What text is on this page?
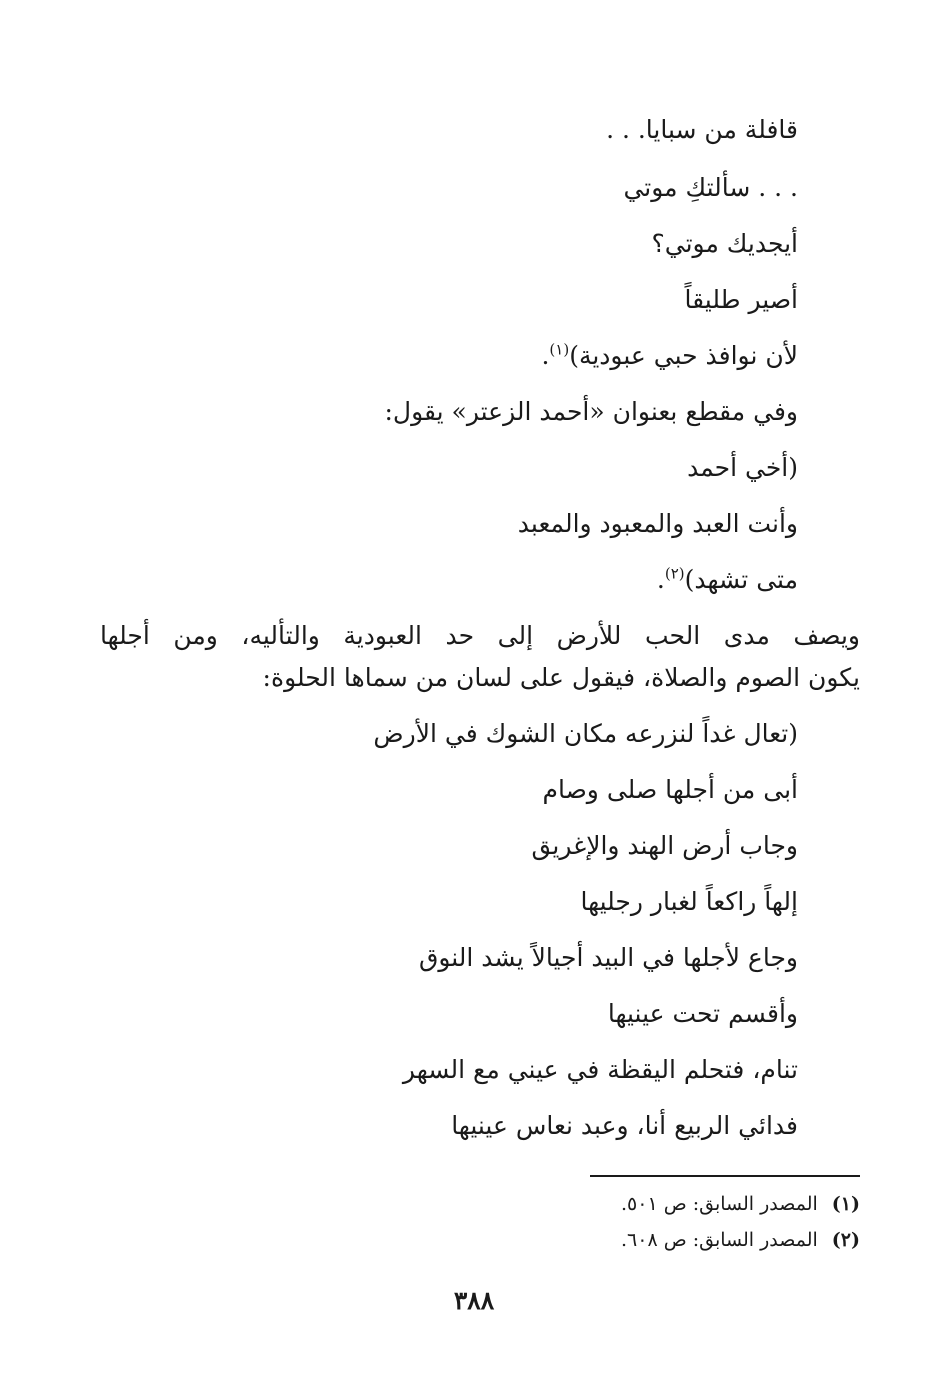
قافلة من سبايا. . .
. . . سألتكِ موتي
أيجديك موتي؟
أصير طليقاً
لأن نوافذ حبي عبودية)$^{(١)}$.
وفي مقطع بعنوان «أحمد الزعتر» يقول:
(أخي أحمد
وأنت العبد والمعبود والمعبد
متى تشهد)$^{(٢)}$.
ويصف مدى الحب للأرض إلى حد العبودية والتأليه، ومن أجلها
يكون الصوم والصلاة، فيقول على لسان من سماها الحلوة:
(تعال غداً لنزرعه مكان الشوك في الأرض
أبى من أجلها صلى وصام
وجاب أرض الهند والإغريق
إلهاً راكعاً لغبار رجليها
وجاع لأجلها في البيد أجيالاً يشد النوق
وأقسم تحت عينيها
تنام، فتحلم اليقظة في عيني مع السهر
فدائي الربيع أنا، وعبد نعاس عينيها
(١)المصدر السابق: ص ٥٠١.
(٢)المصدر السابق: ص ٦٠٨.
٣٨٨
